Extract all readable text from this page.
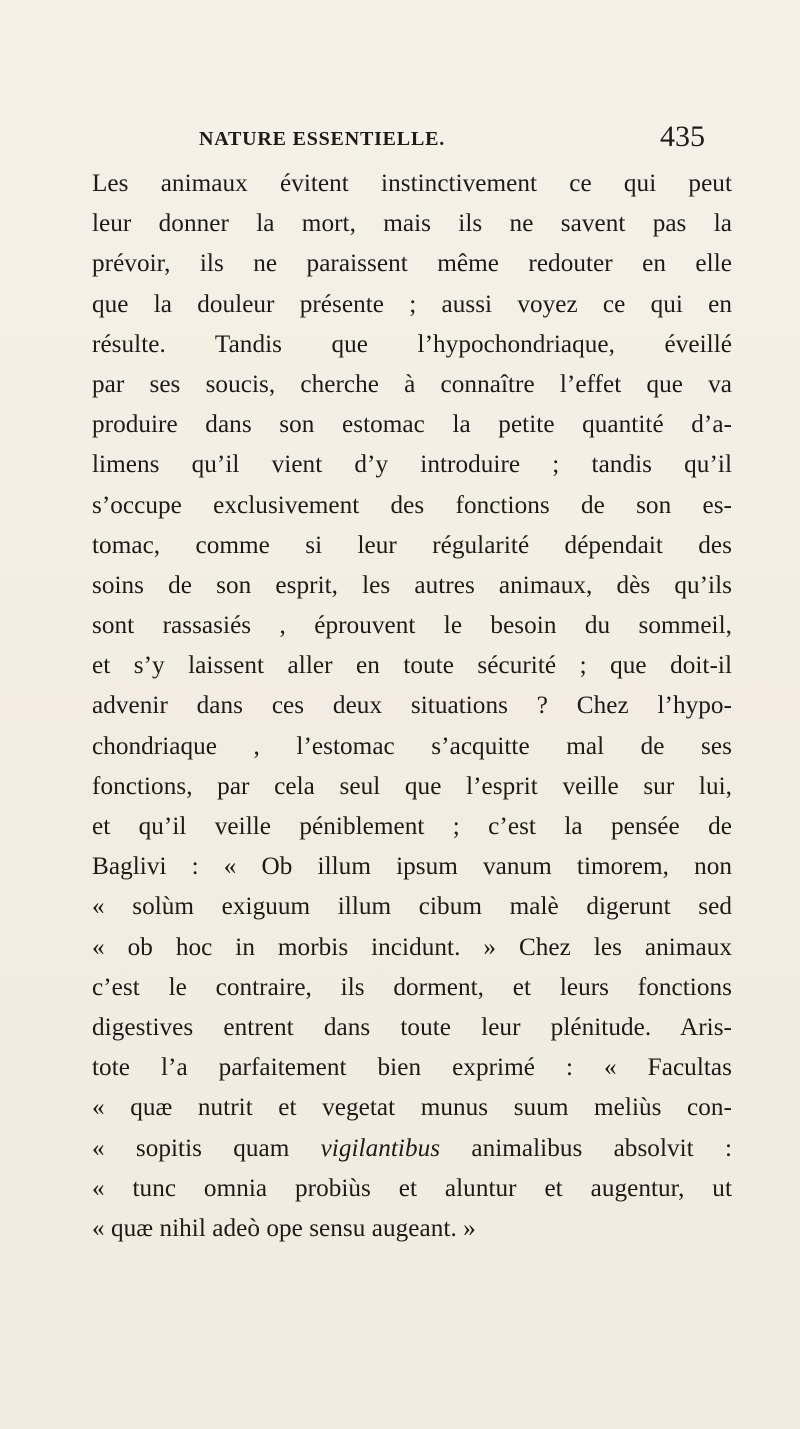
NATURE ESSENTIELLE.	435
Les animaux évitent instinctivement ce qui peut
leur donner la mort, mais ils ne savent pas la
prévoir, ils ne paraissent même redouter en elle
que la douleur présente ; aussi voyez ce qui en
résulte. Tandis que l’hypochondriaque, éveillé
par ses soucis, cherche à connaître l’effet que va
produire dans son estomac la petite quantité d’a-
limens qu’il vient d’y introduire ; tandis qu’il
s’occupe exclusivement des fonctions de son es-
tomac, comme si leur régularité dépendait des
soins de son esprit, les autres animaux, dès qu’ils
sont rassasiés , éprouvent le besoin du sommeil,
et s’y laissent aller en toute sécurité ; que doit-il
advenir dans ces deux situations ? Chez l’hypo-
chondriaque , l’estomac s’acquitte mal de ses
fonctions, par cela seul que l’esprit veille sur lui,
et qu’il veille péniblement ; c’est la pensée de
Baglivi : « Ob illum ipsum vanum timorem, non
« solùm exiguum illum cibum malè digerunt sed
« ob hoc in morbis incidunt. » Chez les animaux
c’est le contraire, ils dorment, et leurs fonctions
digestives entrent dans toute leur plénitude. Aris-
tote l’a parfaitement bien exprimé : « Facultas
« quæ nutrit et vegetat munus suum meliùs con-
« sopitis quam vigilantibus animalibus absolvit :
« tunc omnia probiùs et aluntur et augentur, ut
« quæ nihil adeò ope sensu augeant. »
